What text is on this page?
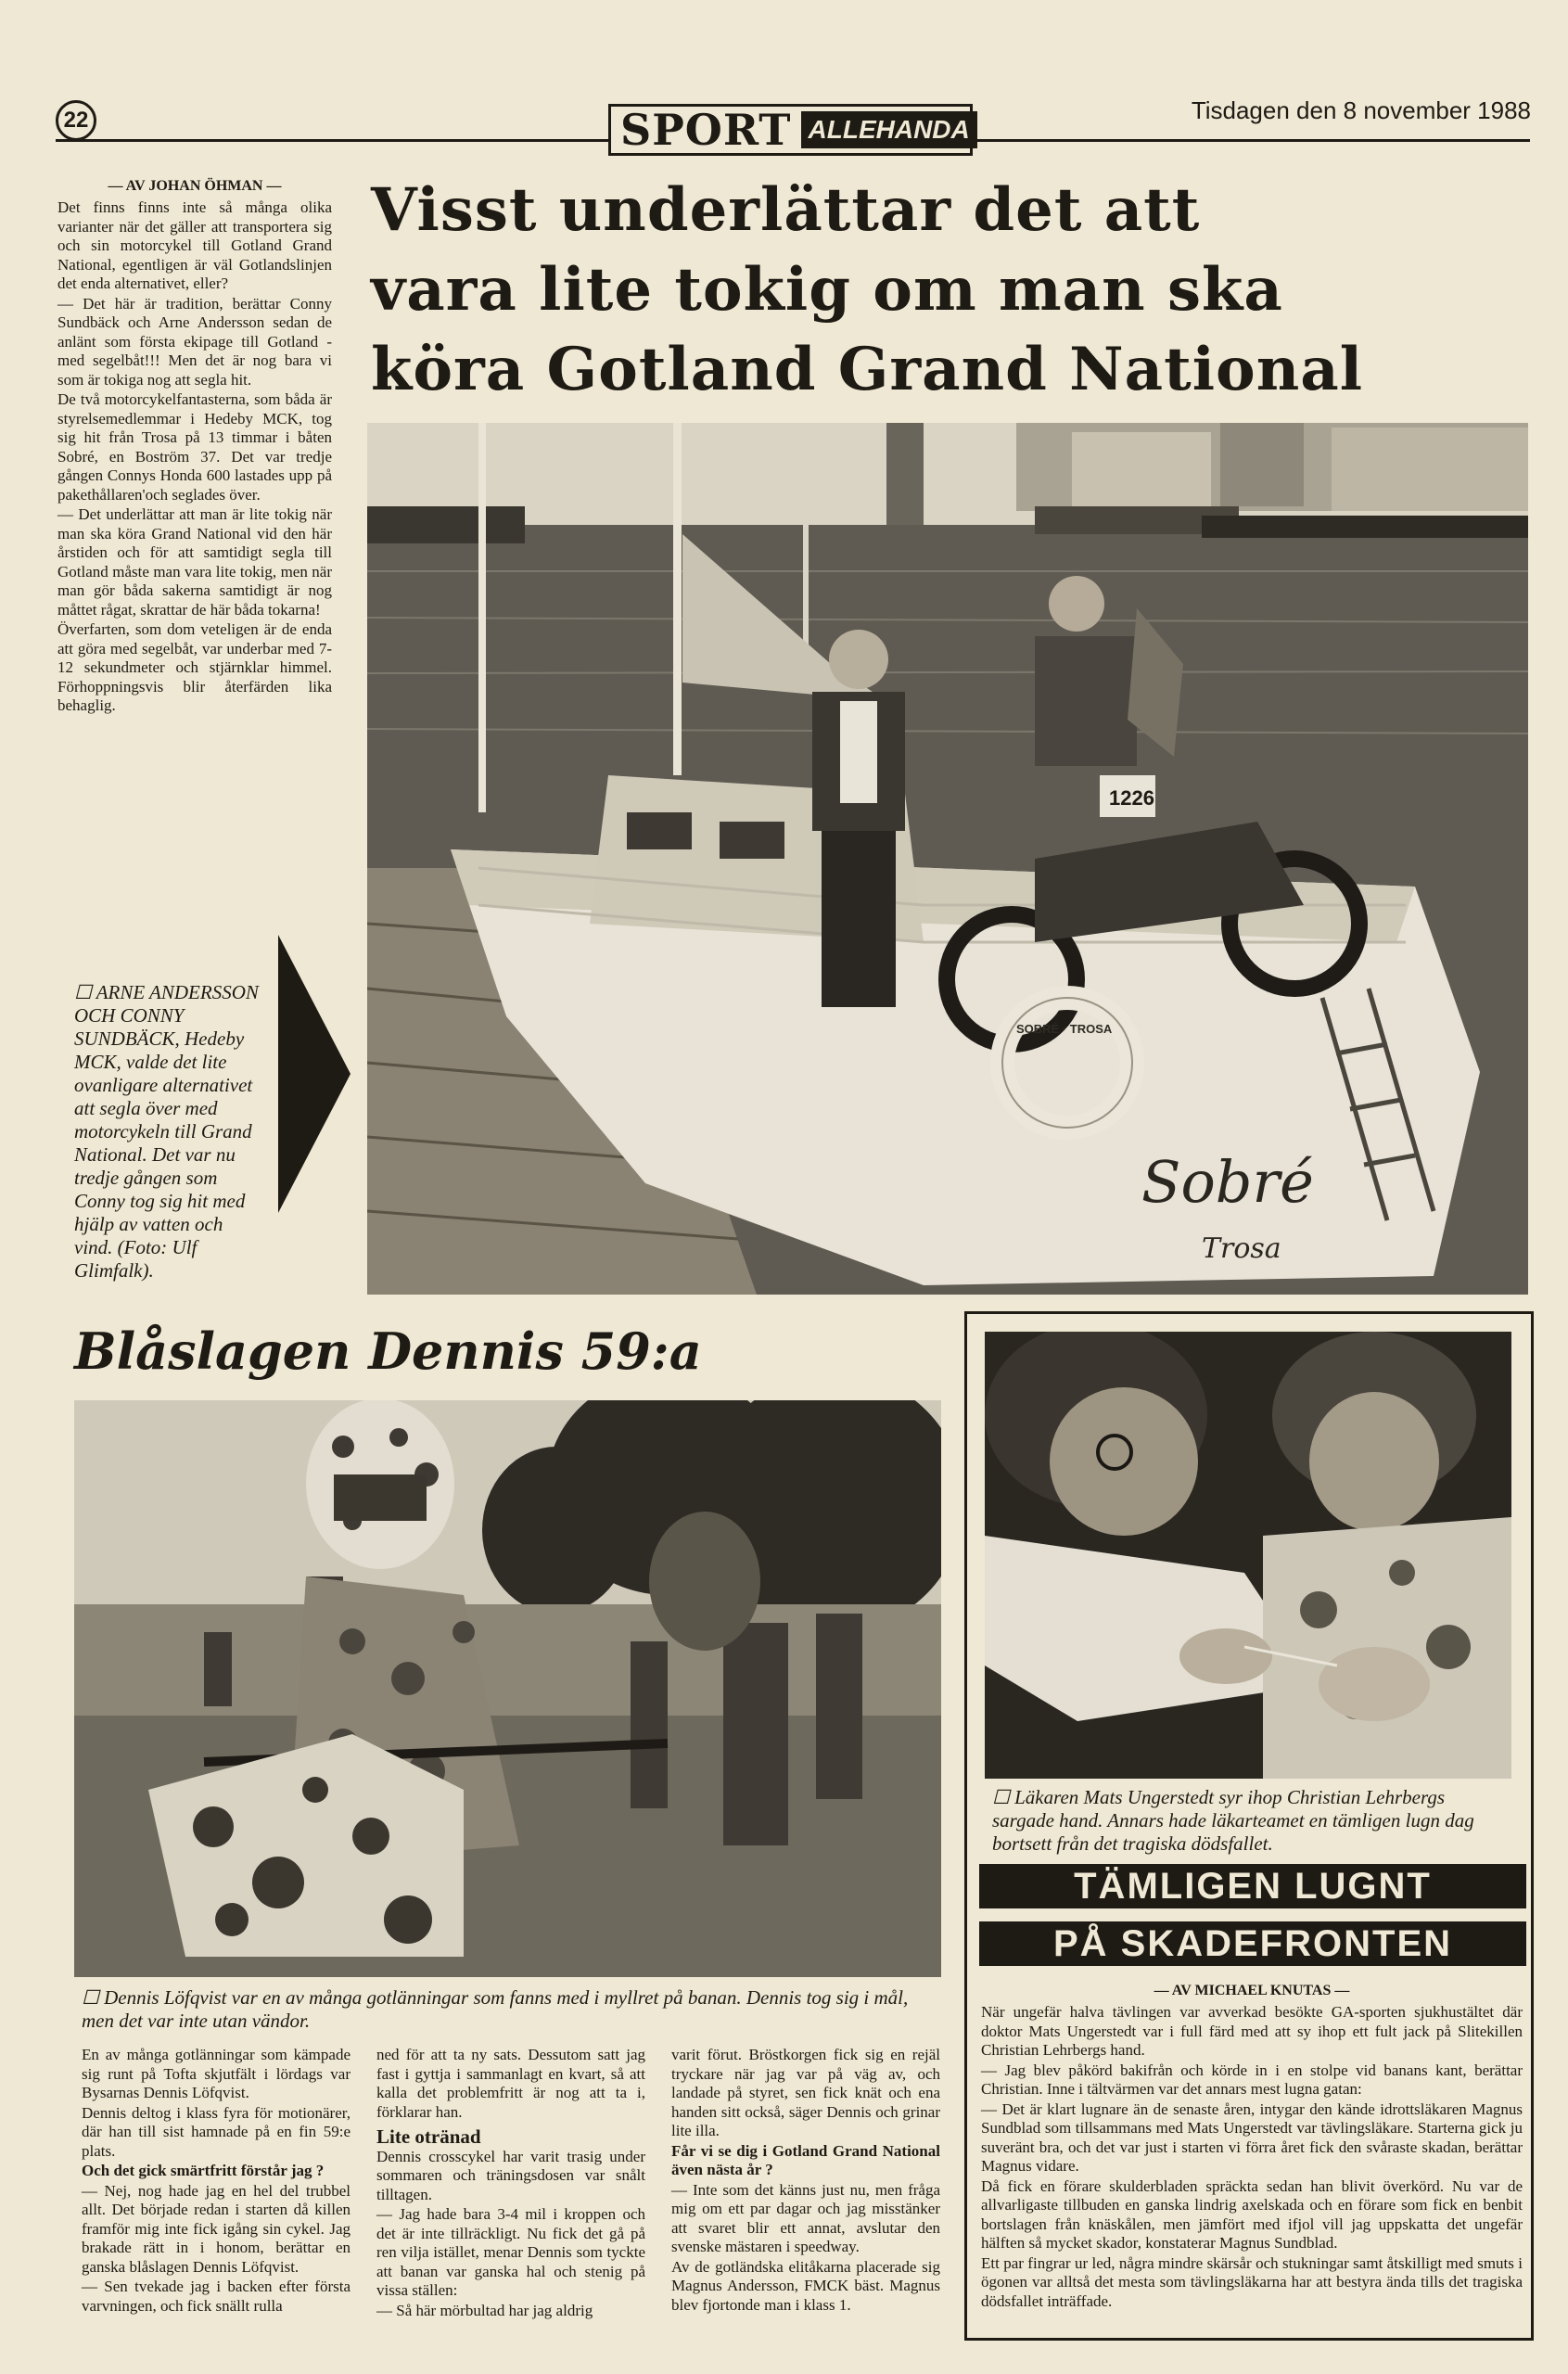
22	SPORT ALLEHANDA
Tisdagen den 8 november 1988
— AV JOHAN ÖHMAN —

Det finns finns inte så många olika varianter när det gäller att transportera sig och sin motorcykel till Gotland Grand National, egentligen är väl Gotlandslinjen det enda alternativet, eller?

— Det här är tradition, berättar Conny Sundbäck och Arne Andersson sedan de anlänt som första ekipage till Gotland - med segelbåt!!! Men det är nog bara vi som är tokiga nog att segla hit.

De två motorcykelfantasterna, som båda är styrelsemedlemmar i Hedeby MCK, tog sig hit från Trosa på 13 timmar i båten Sobré, en Boström 37. Det var tredje gången Connys Honda 600 lastades upp på pakethållaren'och seglades över.

— Det underlättar att man är lite tokig när man ska köra Grand National vid den här årstiden och för att samtidigt segla till Gotland måste man vara lite tokig, men när man gör båda sakerna samtidigt är nog måttet rågat, skrattar de här båda tokarna!

Överfarten, som dom veteligen är de enda att göra med segelbåt, var underbar med 7-12 sekundmeter och stjärnklar himmel. Förhoppningsvis blir återfärden lika behaglig.

☐ ARNE ANDERSSON OCH CONNY SUNDBÄCK, Hedeby MCK, valde det lite ovanligare alternativet att segla över med motorcykeln till Grand National. Det var nu tredje gången som Conny tog sig hit med hjälp av vatten och vind. (Foto: Ulf Glimfalk).
Visst underlättar det att
vara lite tokig om man ska
köra Gotland Grand National
1226
SOBRÉ · TROSA
Sobré
Trosa
Blåslagen Dennis 59:a
☐ Dennis Löfqvist var en av många gotlänningar som fanns med i myllret på banan. Dennis tog sig i mål, men det var inte utan vändor.

En av många gotlänningar som kämpade sig runt på Tofta skjutfält i lördags var Bysarnas Dennis Löfqvist.

Dennis deltog i klass fyra för motionärer, där han till sist hamnade på en fin 59:e plats.

Och det gick smärtfritt förstår jag ?

— Nej, nog hade jag en hel del trubbel allt. Det började redan i starten då killen framför mig inte fick igång sin cykel. Jag brakade rätt in i honom, berättar en ganska blåslagen Dennis Löfqvist.

— Sen tvekade jag i backen efter första varvningen, och fick snällt rulla

ned för att ta ny sats. Dessutom satt jag fast i gyttja i sammanlagt en kvart, så att kalla det problemfritt är nog att ta i, förklarar han.

Lite otränad

Dennis crosscykel har varit trasig under sommaren och träningsdosen var snålt tilltagen.

— Jag hade bara 3-4 mil i kroppen och det är inte tillräckligt. Nu fick det gå på ren vilja istället, menar Dennis som tyckte att banan var ganska hal och stenig på vissa ställen:

— Så här mörbultad har jag aldrig

varit förut. Bröstkorgen fick sig en rejäl tryckare när jag var på väg av, och landade på styret, sen fick knät och enа handen sitt också, säger Dennis och grinar lite illa.

Får vi se dig i Gotland Grand National även nästa år ?

— Inte som det känns just nu, men fråga mig om ett par dagar och jag misstänker att svaret blir ett annat, avslutar den svenske mästaren i speedway.

Av de gotländska elitåkarna placerade sig Magnus Andersson, FMCK bäst. Magnus blev fjortonde man i klass 1.

☐ Läkaren Mats Ungerstedt syr ihop Christian Lehrbergs sargade hand. Annars hade läkarteamet en tämligen lugn dag bortsett från det tragiska dödsfallet.
TÄMLIGEN LUGNT
PÅ SKADEFRONTEN
— AV MICHAEL KNUTAS —

När ungefär halva tävlingen var avverkad besökte GA-sporten sjukhustältet där doktor Mats Ungerstedt var i full färd med att sy ihop ett fult jack på Slitekillen Christian Lehrbergs hand.

— Jag blev påkörd bakifrån och körde in i en stolpe vid banans kant, berättar Christian. Inne i tältvärmen var det annars mest lugna gatan:

— Det är klart lugnare än de senaste åren, intygar den kände idrottsläkaren Magnus Sundblad som tillsammans med Mats Ungerstedt var tävlingsläkare. Starterna gick ju suveränt bra, och det var just i starten vi förra året fick den svåraste skadan, berättar Magnus vidare.

Då fick en förare skulderbladen spräckta sedan han blivit överkörd. Nu var de allvarligaste tillbuden en ganska lindrig axelskada och en förare som fick en benbit bortslagen från knäskålen, men jämfört med ifjol vill jag uppskatta det ungefär hälften så mycket skador, konstaterar Magnus Sundblad.

Ett par fingrar ur led, några mindre skärsår och stukningar samt åtskilligt med smuts i ögonen var alltså det mesta som tävlingsläkarna har att bestyra ända tills det tragiska dödsfallet inträffade.
